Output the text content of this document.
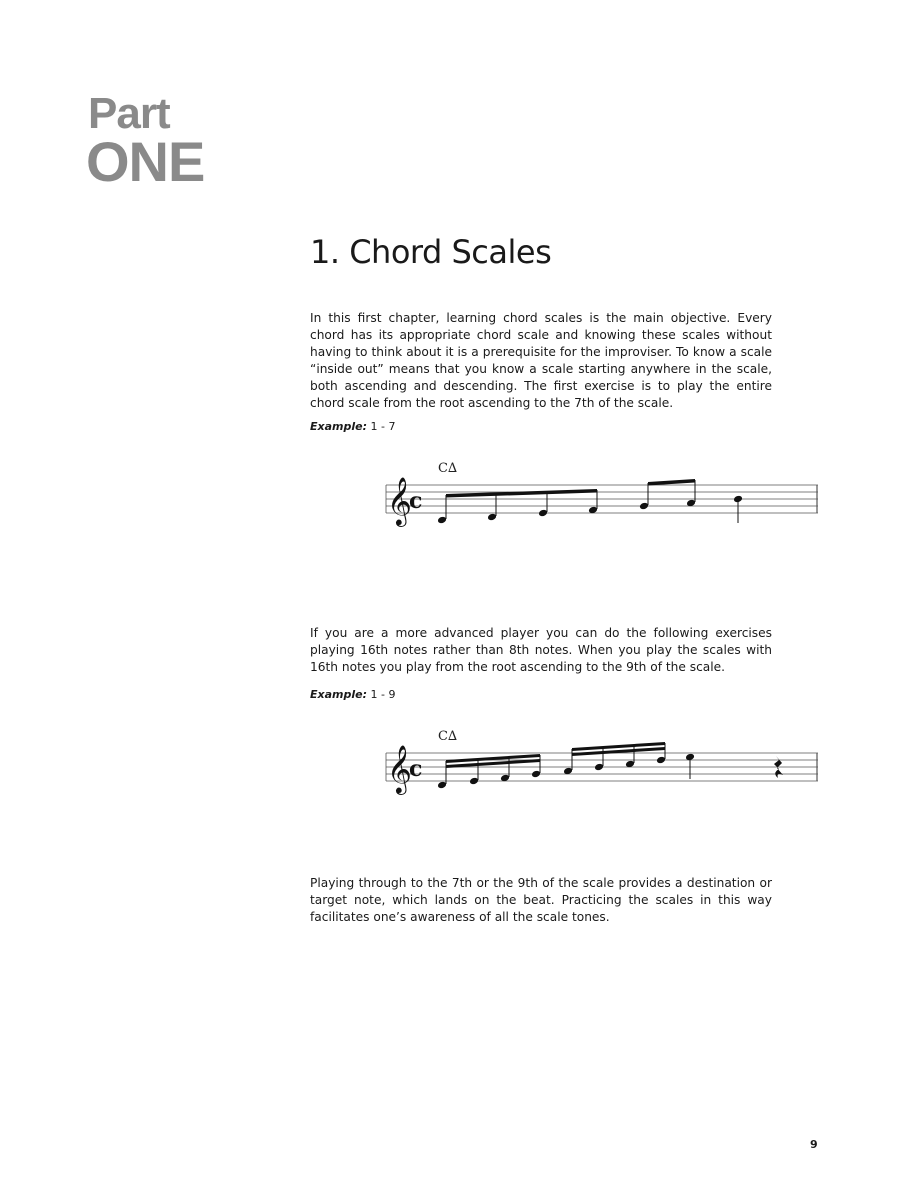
Part
ONE
1. Chord Scales

In this first chapter, learning chord scales is the main objective. Every chord has its appropriate chord scale and knowing these scales without having to think about it is a prerequisite for the improviser. To know a scale “inside out” means that you know a scale starting anywhere in the scale, both ascending and descending. The first exercise is to play the entire chord scale from the root ascending to the 7th of the scale.

Example: 1 - 7
C∆
𝄞
c

If you are a more advanced player you can do the following exercises playing 16th notes rather than 8th notes. When you play the scales with 16th notes you play from the root ascending to the 9th of the scale.

Example: 1 - 9
C∆
𝄞
c

Playing through to the 7th or the 9th of the scale provides a destination or target note, which lands on the beat. Practicing the scales in this way facilitates one’s awareness of all the scale tones.

9
